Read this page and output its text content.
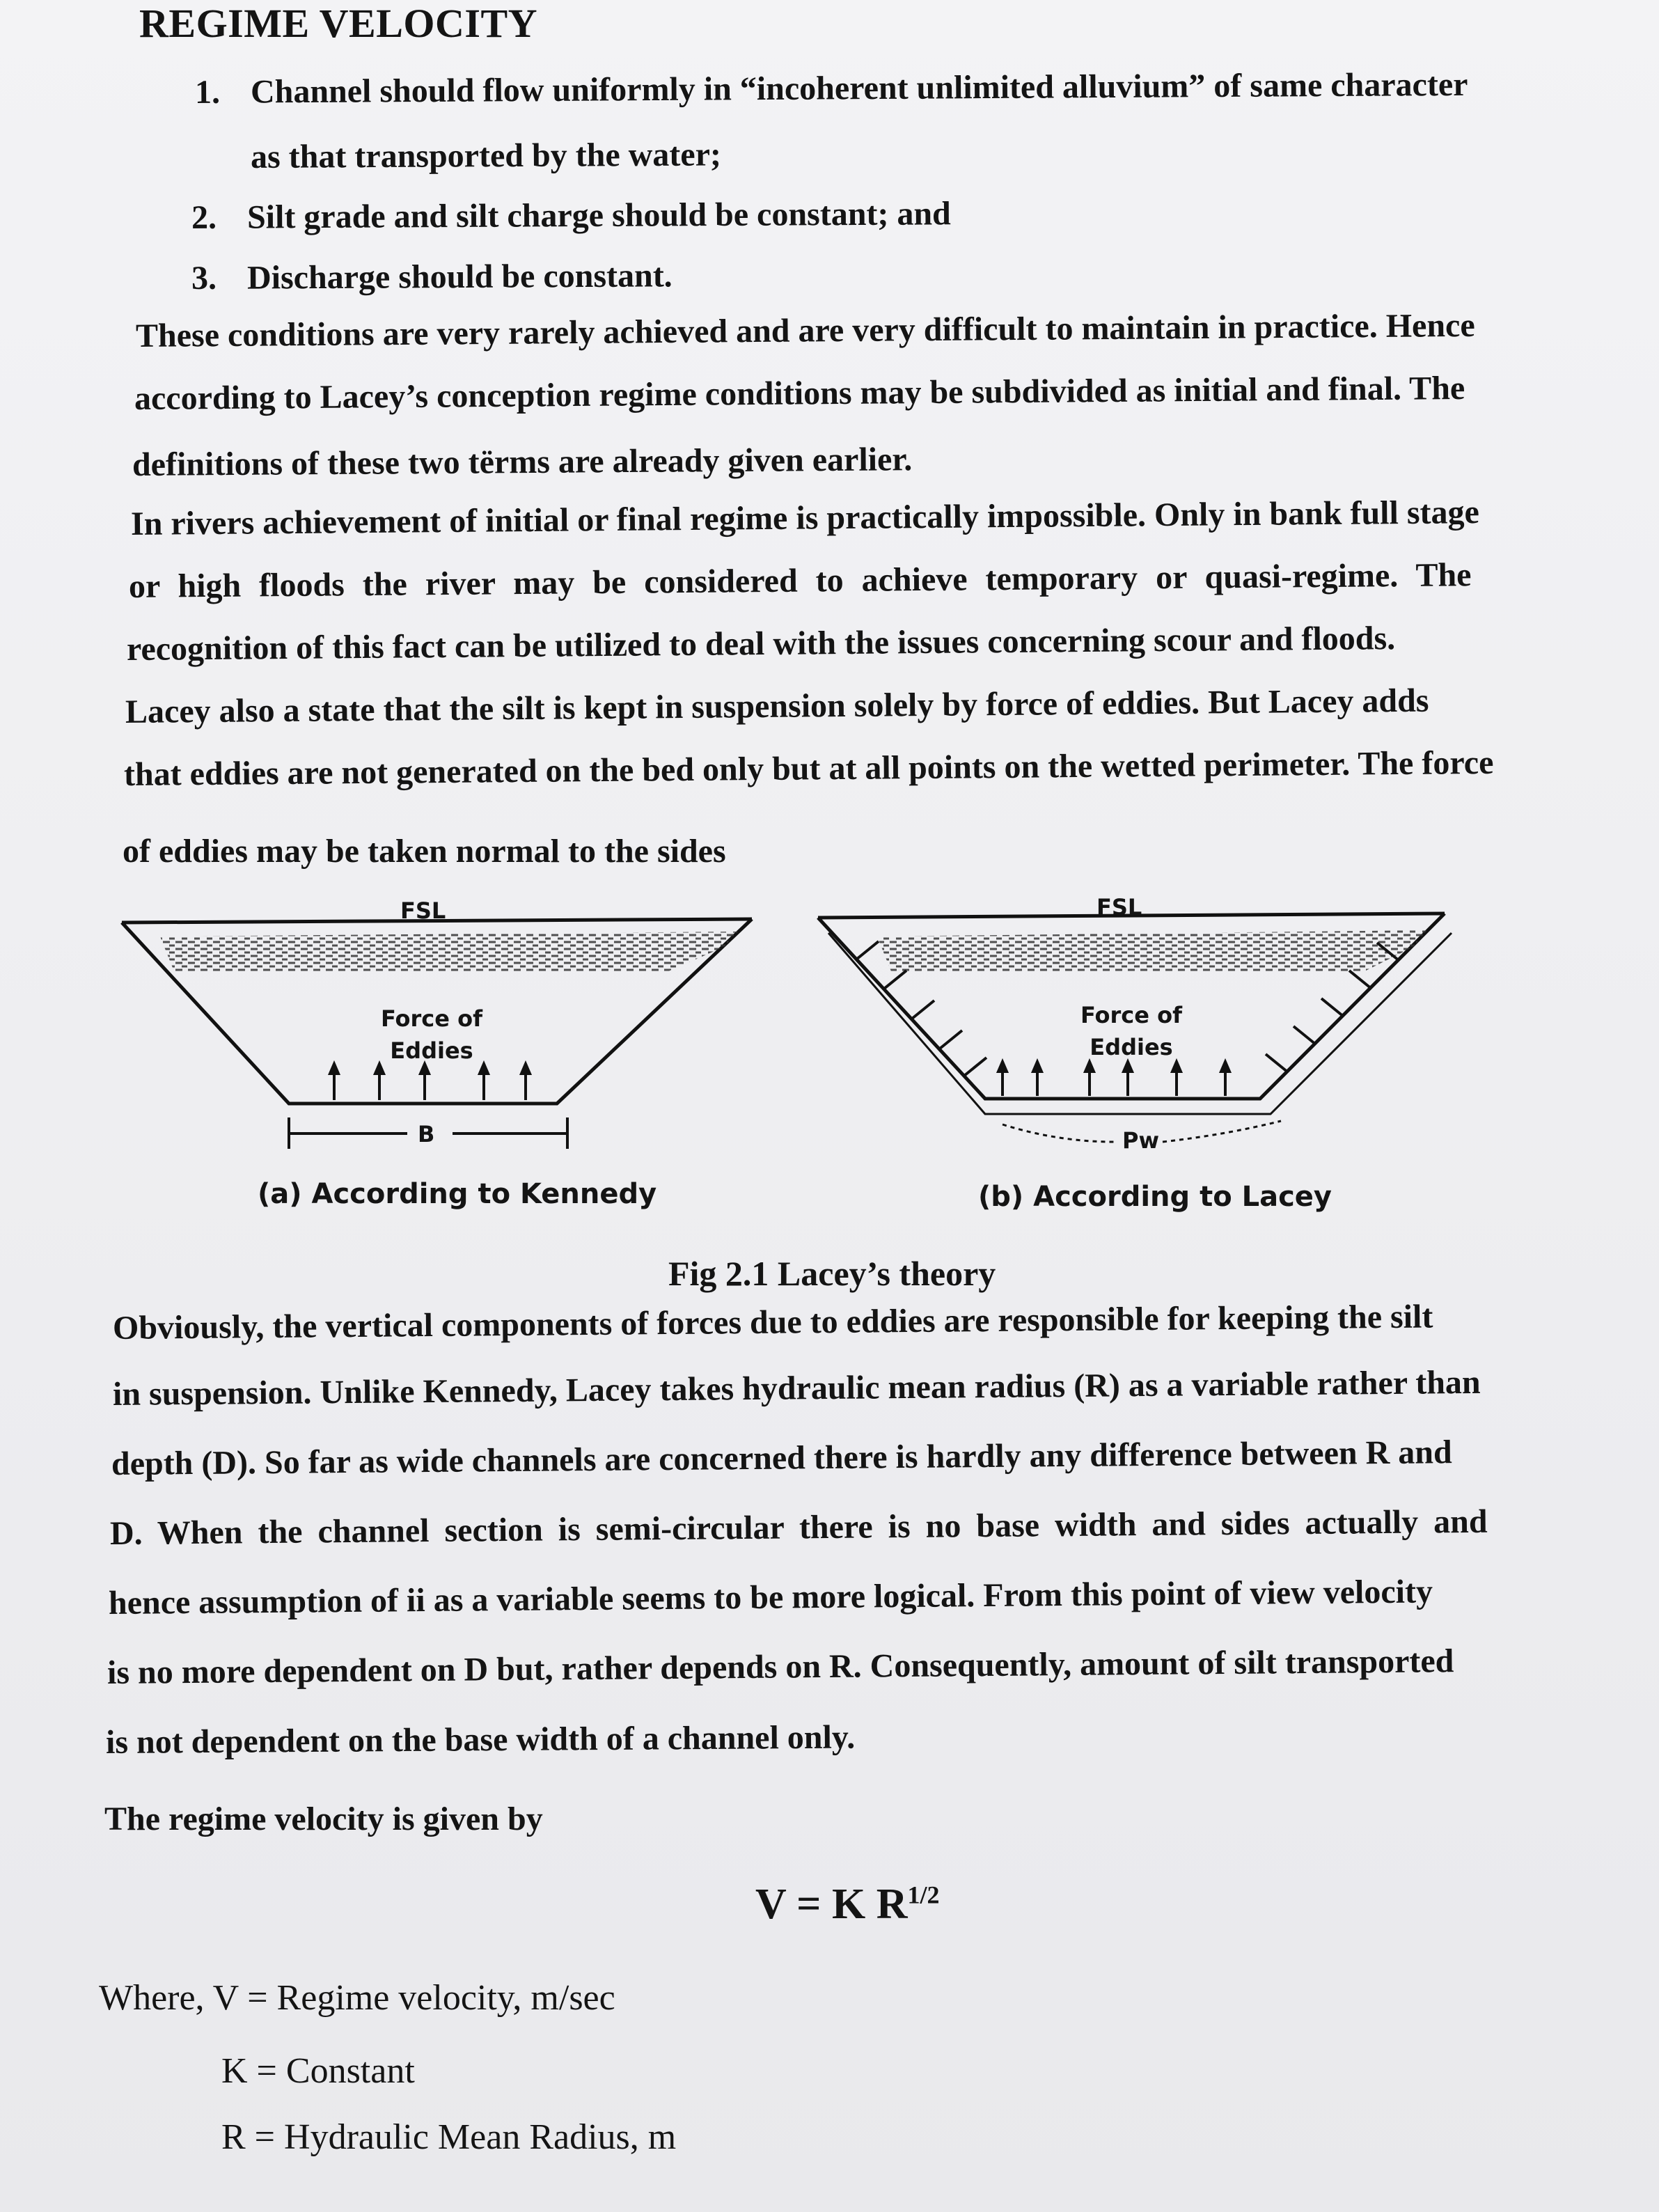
REGIME VELOCITY
1. Channel should flow uniformly in “incoherent unlimited alluvium” of same character
as that transported by the water;
2. Silt grade and silt charge should be constant; and
3. Discharge should be constant.
These conditions are very rarely achieved and are very difficult to maintain in practice. Hence
according to Lacey’s conception regime conditions may be subdivided as initial and final. The
definitions of these two tërms are already given earlier.
In rivers achievement of initial or final regime is practically impossible. Only in bank full stage
or high floods the river may be considered to achieve temporary or quasi-regime. The
recognition of this fact can be utilized to deal with the issues concerning scour and floods.
Lacey also a state that the silt is kept in suspension solely by force of eddies. But Lacey adds
that eddies are not generated on the bed only but at all points on the wetted perimeter. The force
of eddies may be taken normal to the sides
FSL
Force of
Eddies
B
(a) According to Kennedy
FSL
Force of
Eddies
Pw
(b) According to Lacey
Fig 2.1 Lacey’s theory
Obviously, the vertical components of forces due to eddies are responsible for keeping the silt
in suspension. Unlike Kennedy, Lacey takes hydraulic mean radius (R) as a variable rather than
depth (D). So far as wide channels are concerned there is hardly any difference between R and
D. When the channel section is semi-circular there is no base width and sides actually and
hence assumption of ii as a variable seems to be more logical. From this point of view velocity
is no more dependent on D but, rather depends on R. Consequently, amount of silt transported
is not dependent on the base width of a channel only.
The regime velocity is given by
V = K $R^{1/2}$
Where, V = Regime velocity, m/sec
K = Constant
R = Hydraulic Mean Radius, m
